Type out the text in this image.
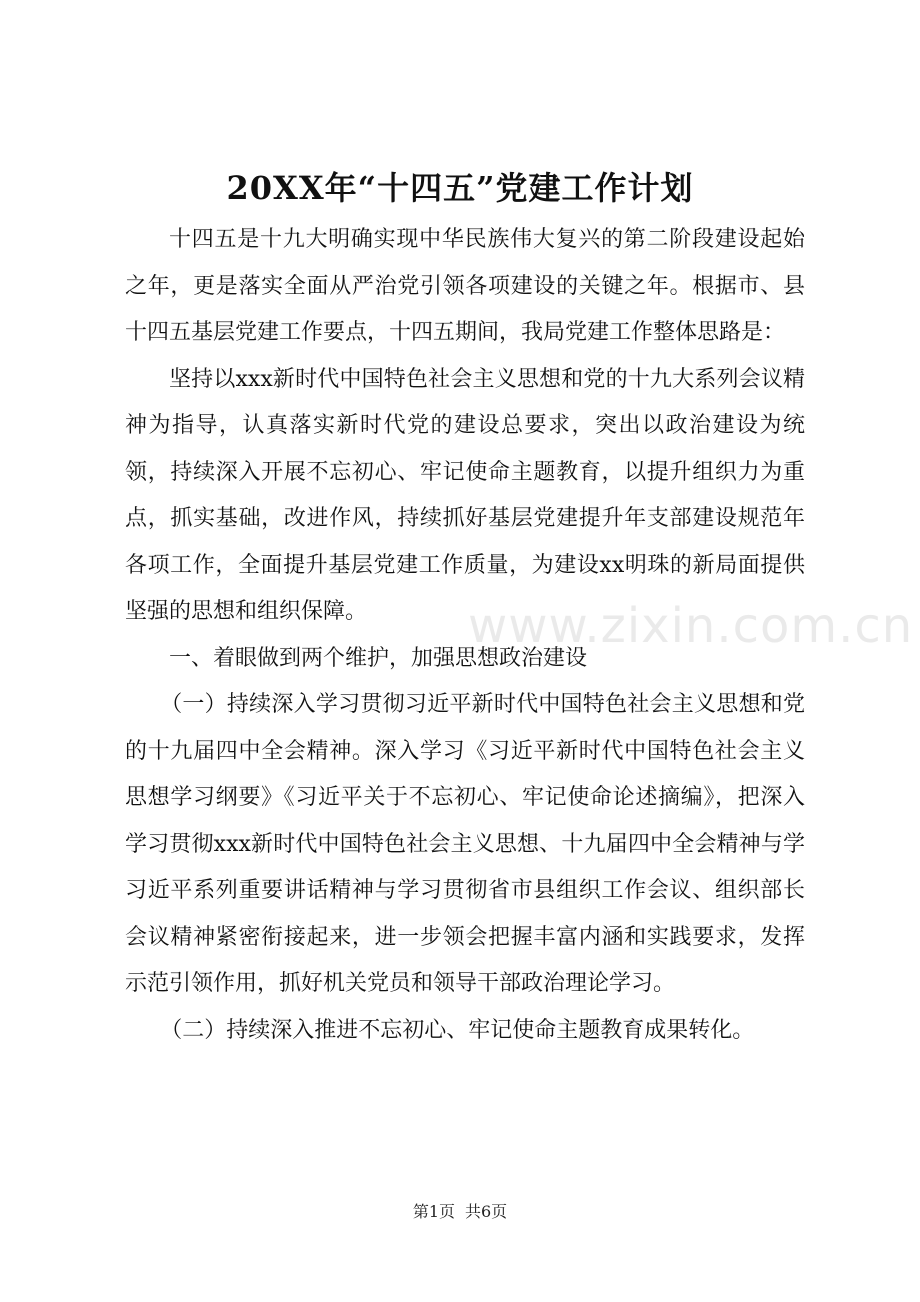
20XX年“十四五”党建工作计划

十四五是十九大明确实现中华民族伟大复兴的第二阶段建设起始之年，更是落实全面从严治党引领各项建设的关键之年。根据市、县十四五基层党建工作要点，十四五期间，我局党建工作整体思路是：

坚持以xxx新时代中国特色社会主义思想和党的十九大系列会议精神为指导，认真落实新时代党的建设总要求，突出以政治建设为统领，持续深入开展不忘初心、牢记使命主题教育，以提升组织力为重点，抓实基础，改进作风，持续抓好基层党建提升年支部建设规范年各项工作，全面提升基层党建工作质量，为建设xx明珠的新局面提供坚强的思想和组织保障。

一、着眼做到两个维护，加强思想政治建设

（一）持续深入学习贯彻习近平新时代中国特色社会主义思想和党的十九届四中全会精神。深入学习《习近平新时代中国特色社会主义思想学习纲要》《习近平关于不忘初心、牢记使命论述摘编》，把深入学习贯彻xxx新时代中国特色社会主义思想、十九届四中全会精神与学习近平系列重要讲话精神与学习贯彻省市县组织工作会议、组织部长会议精神紧密衔接起来，进一步领会把握丰富内涵和实践要求，发挥示范引领作用，抓好机关党员和领导干部政治理论学习。

（二）持续深入推进不忘初心、牢记使命主题教育成果转化。

www.zixin.com.cn
第1页 共6页
